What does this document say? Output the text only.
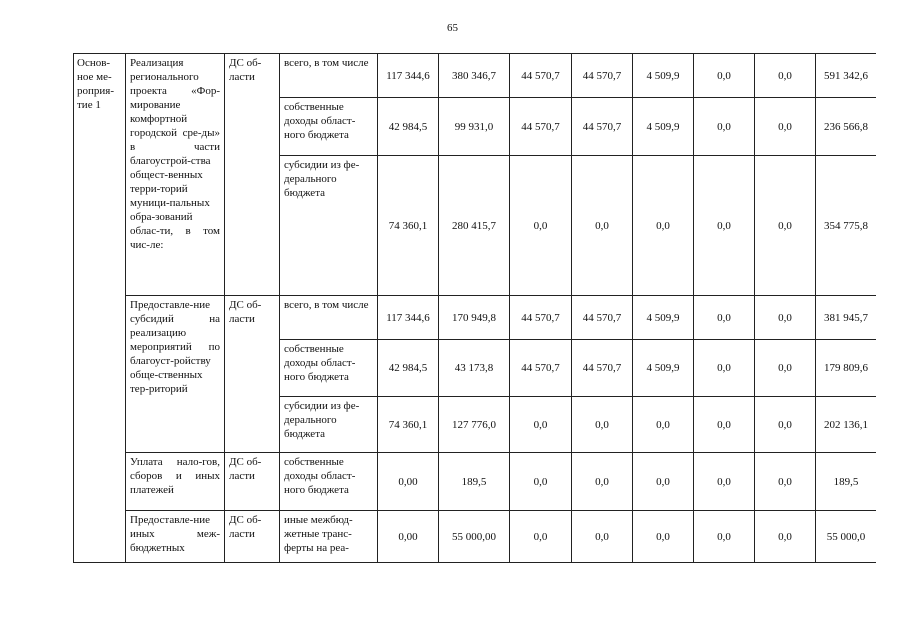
65
Основ-ное ме-роприя-тие 1	Реализация регионального проекта «Фор-мирование комфортной городской сре-ды» в части благоустрой-ства общест-венных терри-торий муници-пальных обра-зований облас-ти, в том чис-ле:	ДС об-ласти	всего, в том числе	117 344,6	380 346,7	44 570,7	44 570,7	4 509,9	0,0	0,0	591 342,6
			собственные доходы област-ного бюджета	42 984,5	99 931,0	44 570,7	44 570,7	4 509,9	0,0	0,0	236 566,8
			субсидии из фе-дерального бюджета	74 360,1	280 415,7	0,0	0,0	0,0	0,0	0,0	354 775,8
	Предоставле-ние субсидий на реализацию мероприятий по благоуст-ройству обще-ственных тер-риторий	ДС об-ласти	всего, в том числе	117 344,6	170 949,8	44 570,7	44 570,7	4 509,9	0,0	0,0	381 945,7
			собственные доходы област-ного бюджета	42 984,5	43 173,8	44 570,7	44 570,7	4 509,9	0,0	0,0	179 809,6
			субсидии из фе-дерального бюджета	74 360,1	127 776,0	0,0	0,0	0,0	0,0	0,0	202 136,1
	Уплата нало-гов, сборов и иных платежей	ДС об-ласти	собственные доходы област-ного бюджета	0,00	189,5	0,0	0,0	0,0	0,0	0,0	189,5
	Предоставле-ние иных меж-бюджетных	ДС об-ласти	иные межбюд-жетные транс-ферты на реа-	0,00	55 000,00	0,0	0,0	0,0	0,0	0,0	55 000,0
